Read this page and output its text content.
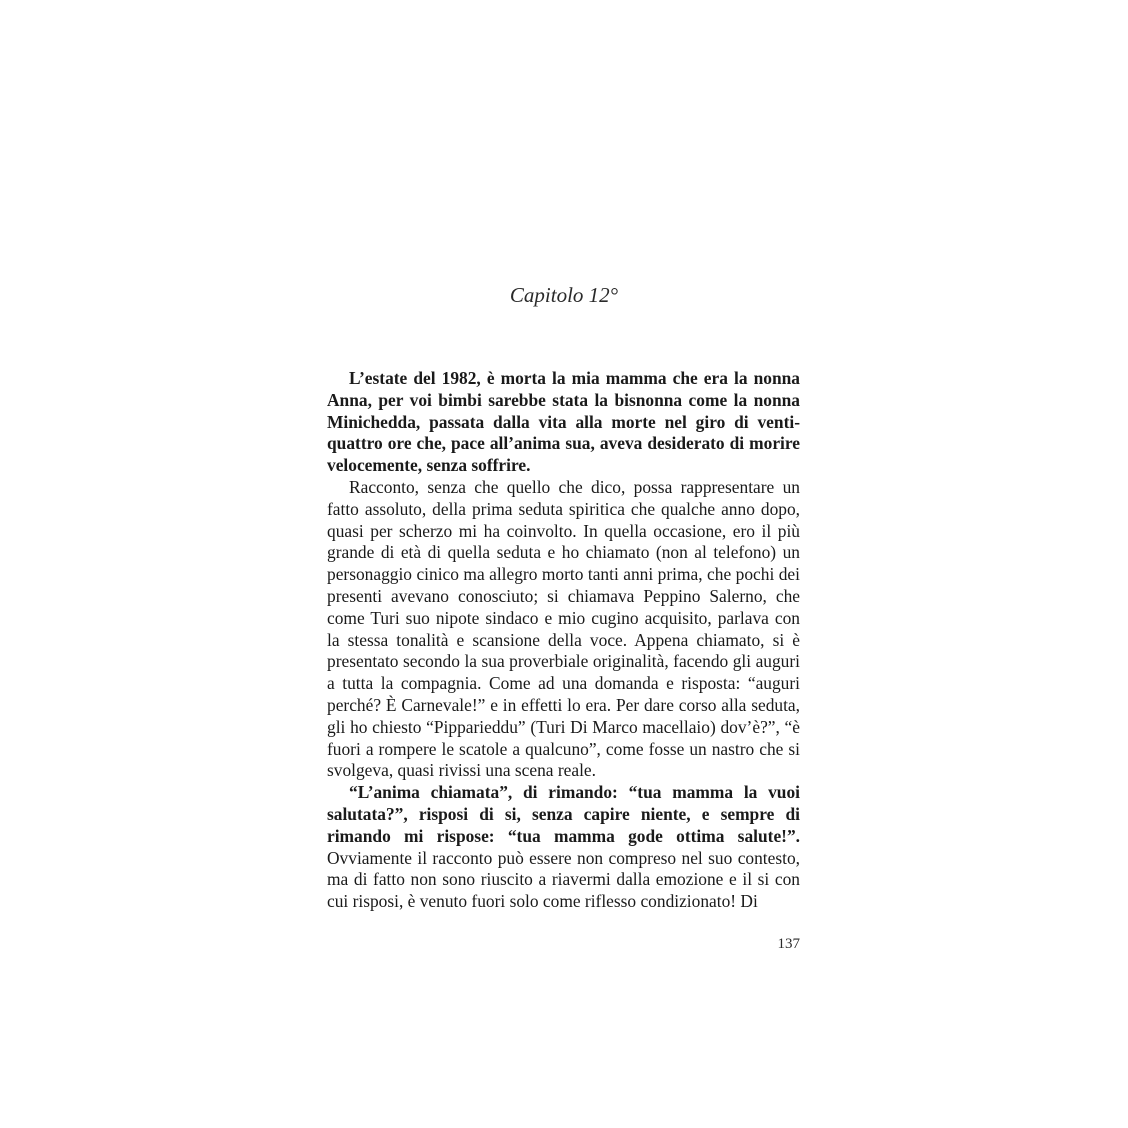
Capitolo 12°

L’estate del 1982, è morta la mia mamma che era la nonna Anna, per voi bimbi sarebbe stata la bisnonna come la nonna Minichedda, passata dalla vita alla morte nel giro di ventiquattro ore che, pace all’anima sua, aveva desiderato di morire velocemente, senza soffrire.

Racconto, senza che quello che dico, possa rappresentare un fatto assoluto, della prima seduta spiritica che qualche anno dopo, quasi per scherzo mi ha coinvolto. In quella occasione, ero il più grande di età di quella seduta e ho chiamato (non al telefono) un personaggio cinico ma allegro morto tanti anni prima, che pochi dei presenti avevano conosciuto; si chiamava Peppino Salerno, che come Turi suo nipote sindaco e mio cugino acquisito, parlava con la stessa tonalità e scansione della voce. Appena chiamato, si è presentato secondo la sua proverbiale originalità, facendo gli auguri a tutta la compagnia. Come ad una domanda e risposta: “auguri perché? È Carnevale!” e in effetti lo era. Per dare corso alla seduta, gli ho chiesto “Pipparieddu” (Turi Di Marco macellaio) dov’è?”, “è fuori a rompere le scatole a qualcuno”, come fosse un nastro che si svolgeva, quasi rivissi una scena reale.

“L’anima chiamata”, di rimando: “tua mamma la vuoi salutata?”, risposi di si, senza capire niente, e sempre di rimando mi rispose: “tua mamma gode ottima salute!”. Ovviamente il racconto può essere non compreso nel suo contesto, ma di fatto non sono riuscito a riavermi dalla emozione e il si con cui risposi, è venuto fuori solo come riflesso condizionato! Di

137
